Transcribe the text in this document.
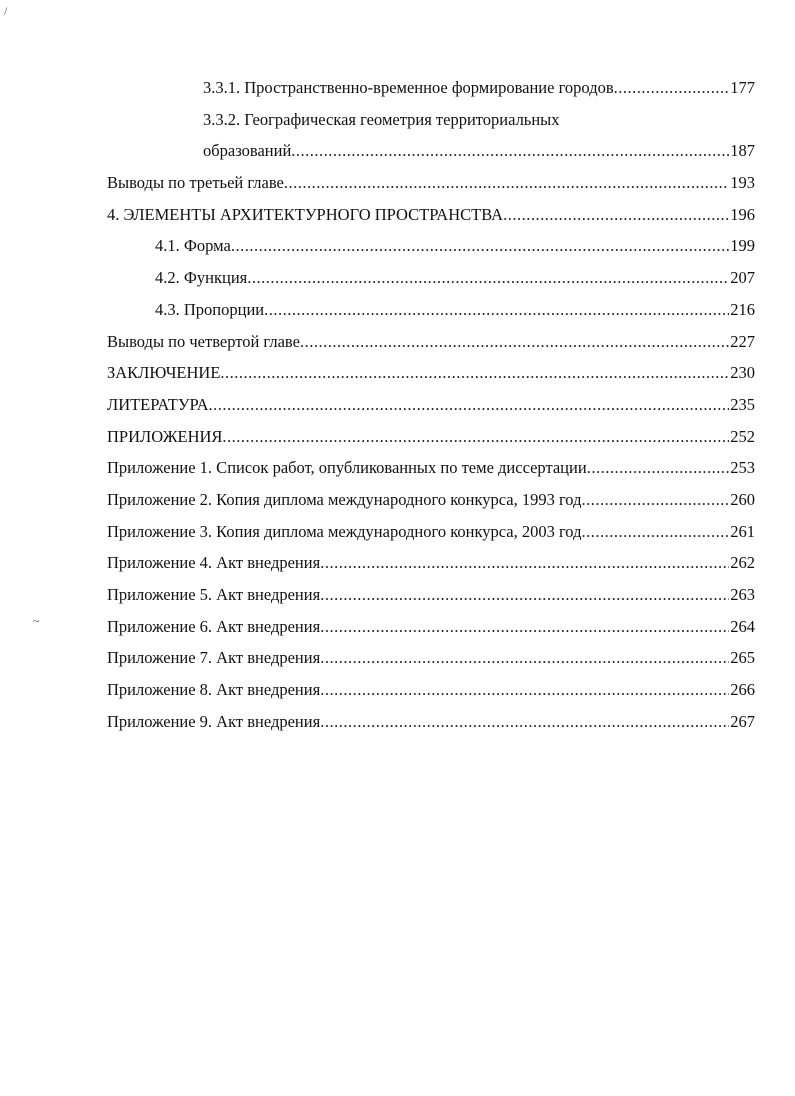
/
~
3.3.1. Пространственно-временное формирование городов .....	177
3.3.2. Географическая геометрия территориальных
образований .....	187
Выводы по третьей главе .....	193
4. ЭЛЕМЕНТЫ АРХИТЕКТУРНОГО ПРОСТРАНСТВА .....	196
4.1. Форма .....	199
4.2. Функция .....	207
4.3. Пропорции .....	216
Выводы по четвертой главе .....	227
ЗАКЛЮЧЕНИЕ .....	230
ЛИТЕРАТУРА .....	235
ПРИЛОЖЕНИЯ .....	252
Приложение 1. Список работ, опубликованных по теме диссертации .....	253
Приложение 2. Копия диплома международного конкурса, 1993 год .....	260
Приложение 3. Копия диплома международного конкурса, 2003 год .....	261
Приложение 4. Акт внедрения .....	262
Приложение 5. Акт внедрения .....	263
Приложение 6. Акт внедрения .....	264
Приложение 7. Акт внедрения .....	265
Приложение 8. Акт внедрения .....	266
Приложение 9. Акт внедрения .....	267
